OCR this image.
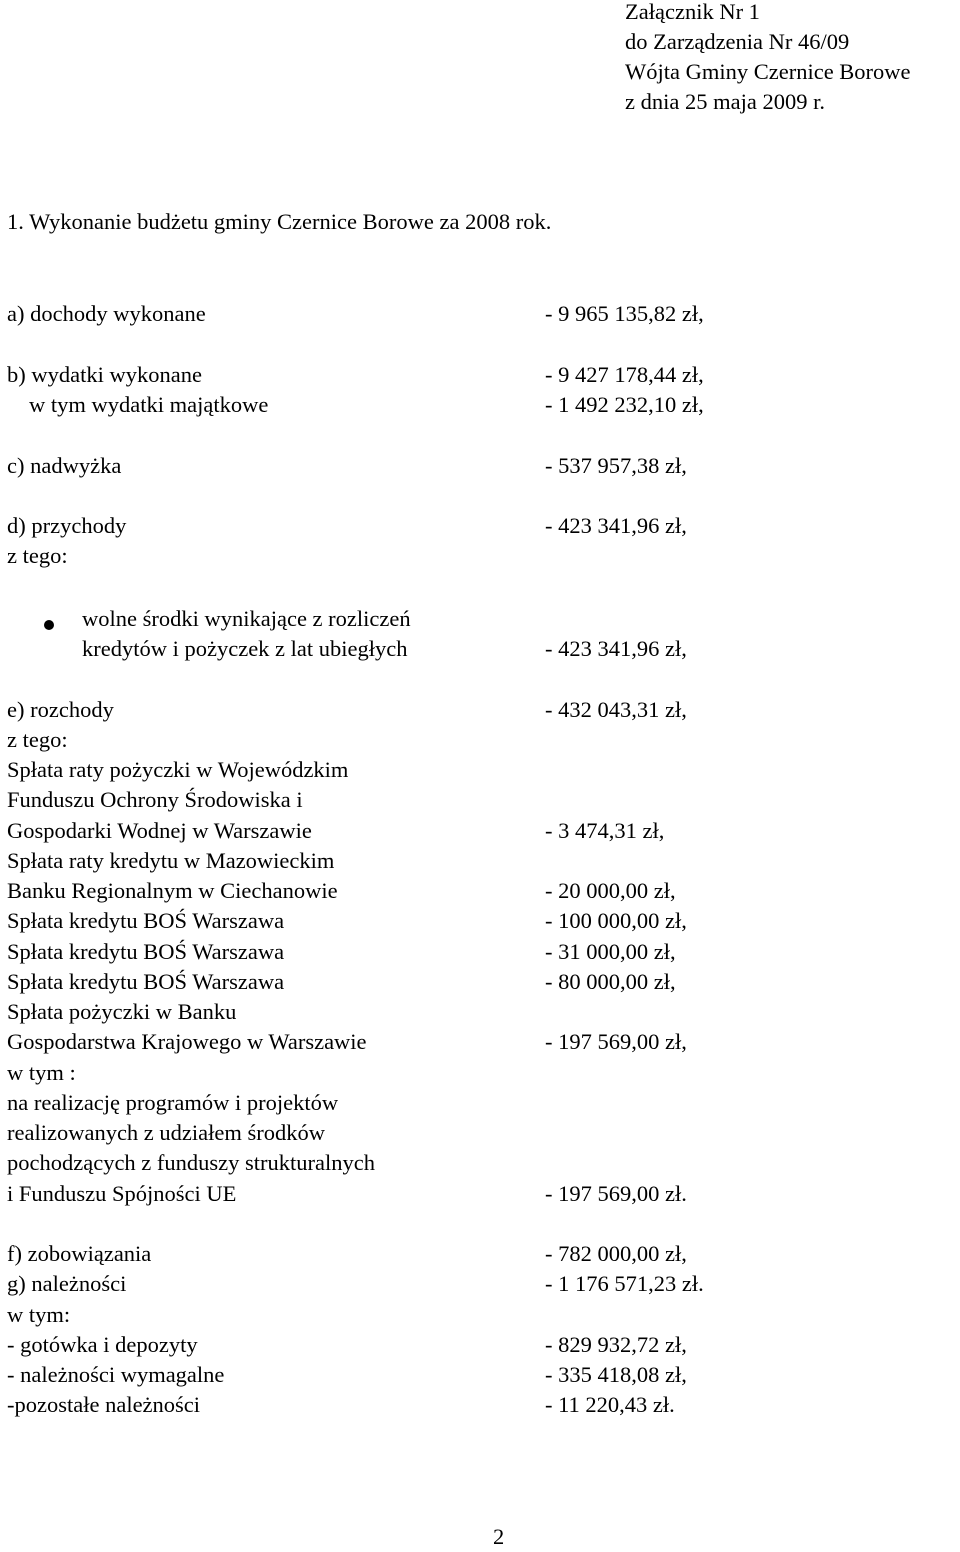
Załącznik Nr 1
do Zarządzenia Nr 46/09
Wójta Gminy Czernice Borowe
z dnia 25 maja 2009 r.
1. Wykonanie budżetu gminy Czernice Borowe za 2008 rok.
a) dochody wykonane
b) wydatki wykonane
w tym wydatki majątkowe
c) nadwyżka
d) przychody
z tego:
wolne środki wynikające z rozliczeń
kredytów i pożyczek z lat ubiegłych
e) rozchody
z tego:
Spłata raty pożyczki w Wojewódzkim
Funduszu Ochrony Środowiska i
Gospodarki Wodnej w Warszawie
Spłata raty kredytu w Mazowieckim
Banku Regionalnym w Ciechanowie
Spłata kredytu BOŚ Warszawa
Spłata kredytu BOŚ Warszawa
Spłata kredytu BOŚ Warszawa
Spłata pożyczki w Banku
Gospodarstwa Krajowego w Warszawie
w tym :
na realizację programów i projektów
realizowanych z udziałem środków
pochodzących z funduszy strukturalnych
i Funduszu Spójności UE
f) zobowiązania
g) należności
w tym:
- gotówka i depozyty
- należności wymagalne
-pozostałe należności
- 9 965 135,82 zł,
- 9 427 178,44 zł,
- 1 492 232,10 zł,
- 537 957,38 zł,
- 423 341,96 zł,
- 423 341,96 zł,
- 432 043,31 zł,
- 3 474,31 zł,
- 20 000,00 zł,
- 100 000,00 zł,
- 31 000,00 zł,
- 80 000,00 zł,
- 197 569,00 zł,
- 197 569,00 zł.
- 782 000,00 zł,
- 1 176 571,23 zł.
- 829 932,72 zł,
- 335 418,08 zł,
- 11 220,43 zł.
2
